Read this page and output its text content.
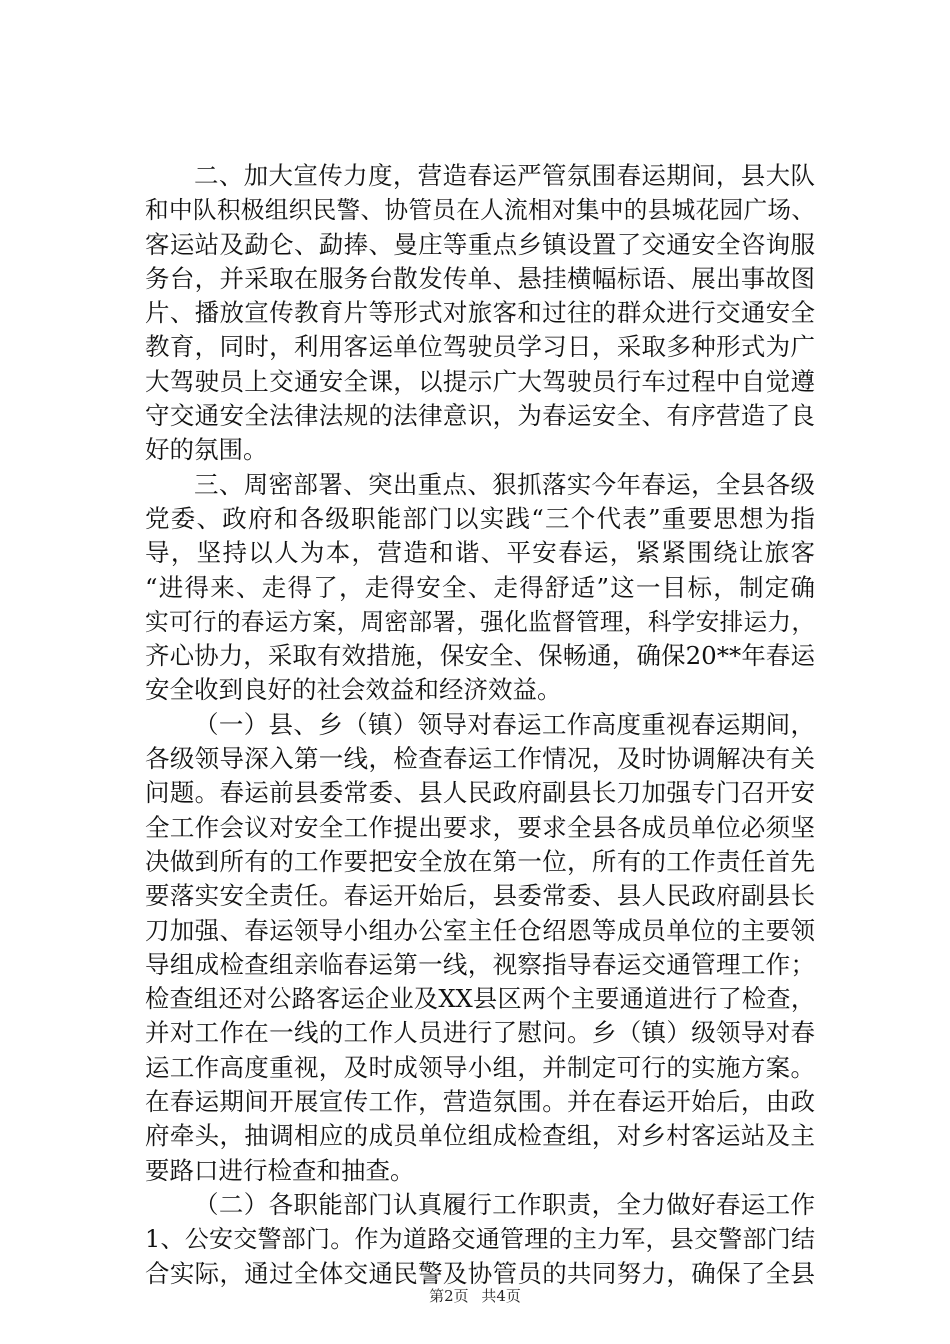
二、加大宣传力度，营造春运严管氛围春运期间，县大队
和中队积极组织民警、协管员在人流相对集中的县城花园广场、
客运站及勐仑、勐捧、曼庄等重点乡镇设置了交通安全咨询服
务台，并采取在服务台散发传单、悬挂横幅标语、展出事故图
片、播放宣传教育片等形式对旅客和过往的群众进行交通安全
教育，同时，利用客运单位驾驶员学习日，采取多种形式为广
大驾驶员上交通安全课，以提示广大驾驶员行车过程中自觉遵
守交通安全法律法规的法律意识，为春运安全、有序营造了良
好的氛围。
三、周密部署、突出重点、狠抓落实今年春运，全县各级
党委、政府和各级职能部门以实践“三个代表”重要思想为指
导，坚持以人为本，营造和谐、平安春运，紧紧围绕让旅客
“进得来、走得了，走得安全、走得舒适”这一目标，制定确
实可行的春运方案，周密部署，强化监督管理，科学安排运力，
齐心协力，采取有效措施，保安全、保畅通，确保20**年春运
安全收到良好的社会效益和经济效益。
（一）县、乡（镇）领导对春运工作高度重视春运期间，
各级领导深入第一线，检查春运工作情况，及时协调解决有关
问题。春运前县委常委、县人民政府副县长刀加强专门召开安
全工作会议对安全工作提出要求，要求全县各成员单位必须坚
决做到所有的工作要把安全放在第一位，所有的工作责任首先
要落实安全责任。春运开始后，县委常委、县人民政府副县长
刀加强、春运领导小组办公室主任仓绍恩等成员单位的主要领
导组成检查组亲临春运第一线，视察指导春运交通管理工作；
检查组还对公路客运企业及XX县区两个主要通道进行了检查，
并对工作在一线的工作人员进行了慰问。乡（镇）级领导对春
运工作高度重视，及时成领导小组，并制定可行的实施方案。
在春运期间开展宣传工作，营造氛围。并在春运开始后，由政
府牵头，抽调相应的成员单位组成检查组，对乡村客运站及主
要路口进行检查和抽查。
（二）各职能部门认真履行工作职责，全力做好春运工作
1、公安交警部门。作为道路交通管理的主力军，县交警部门结
合实际，通过全体交通民警及协管员的共同努力，确保了全县
第2页 共4页
